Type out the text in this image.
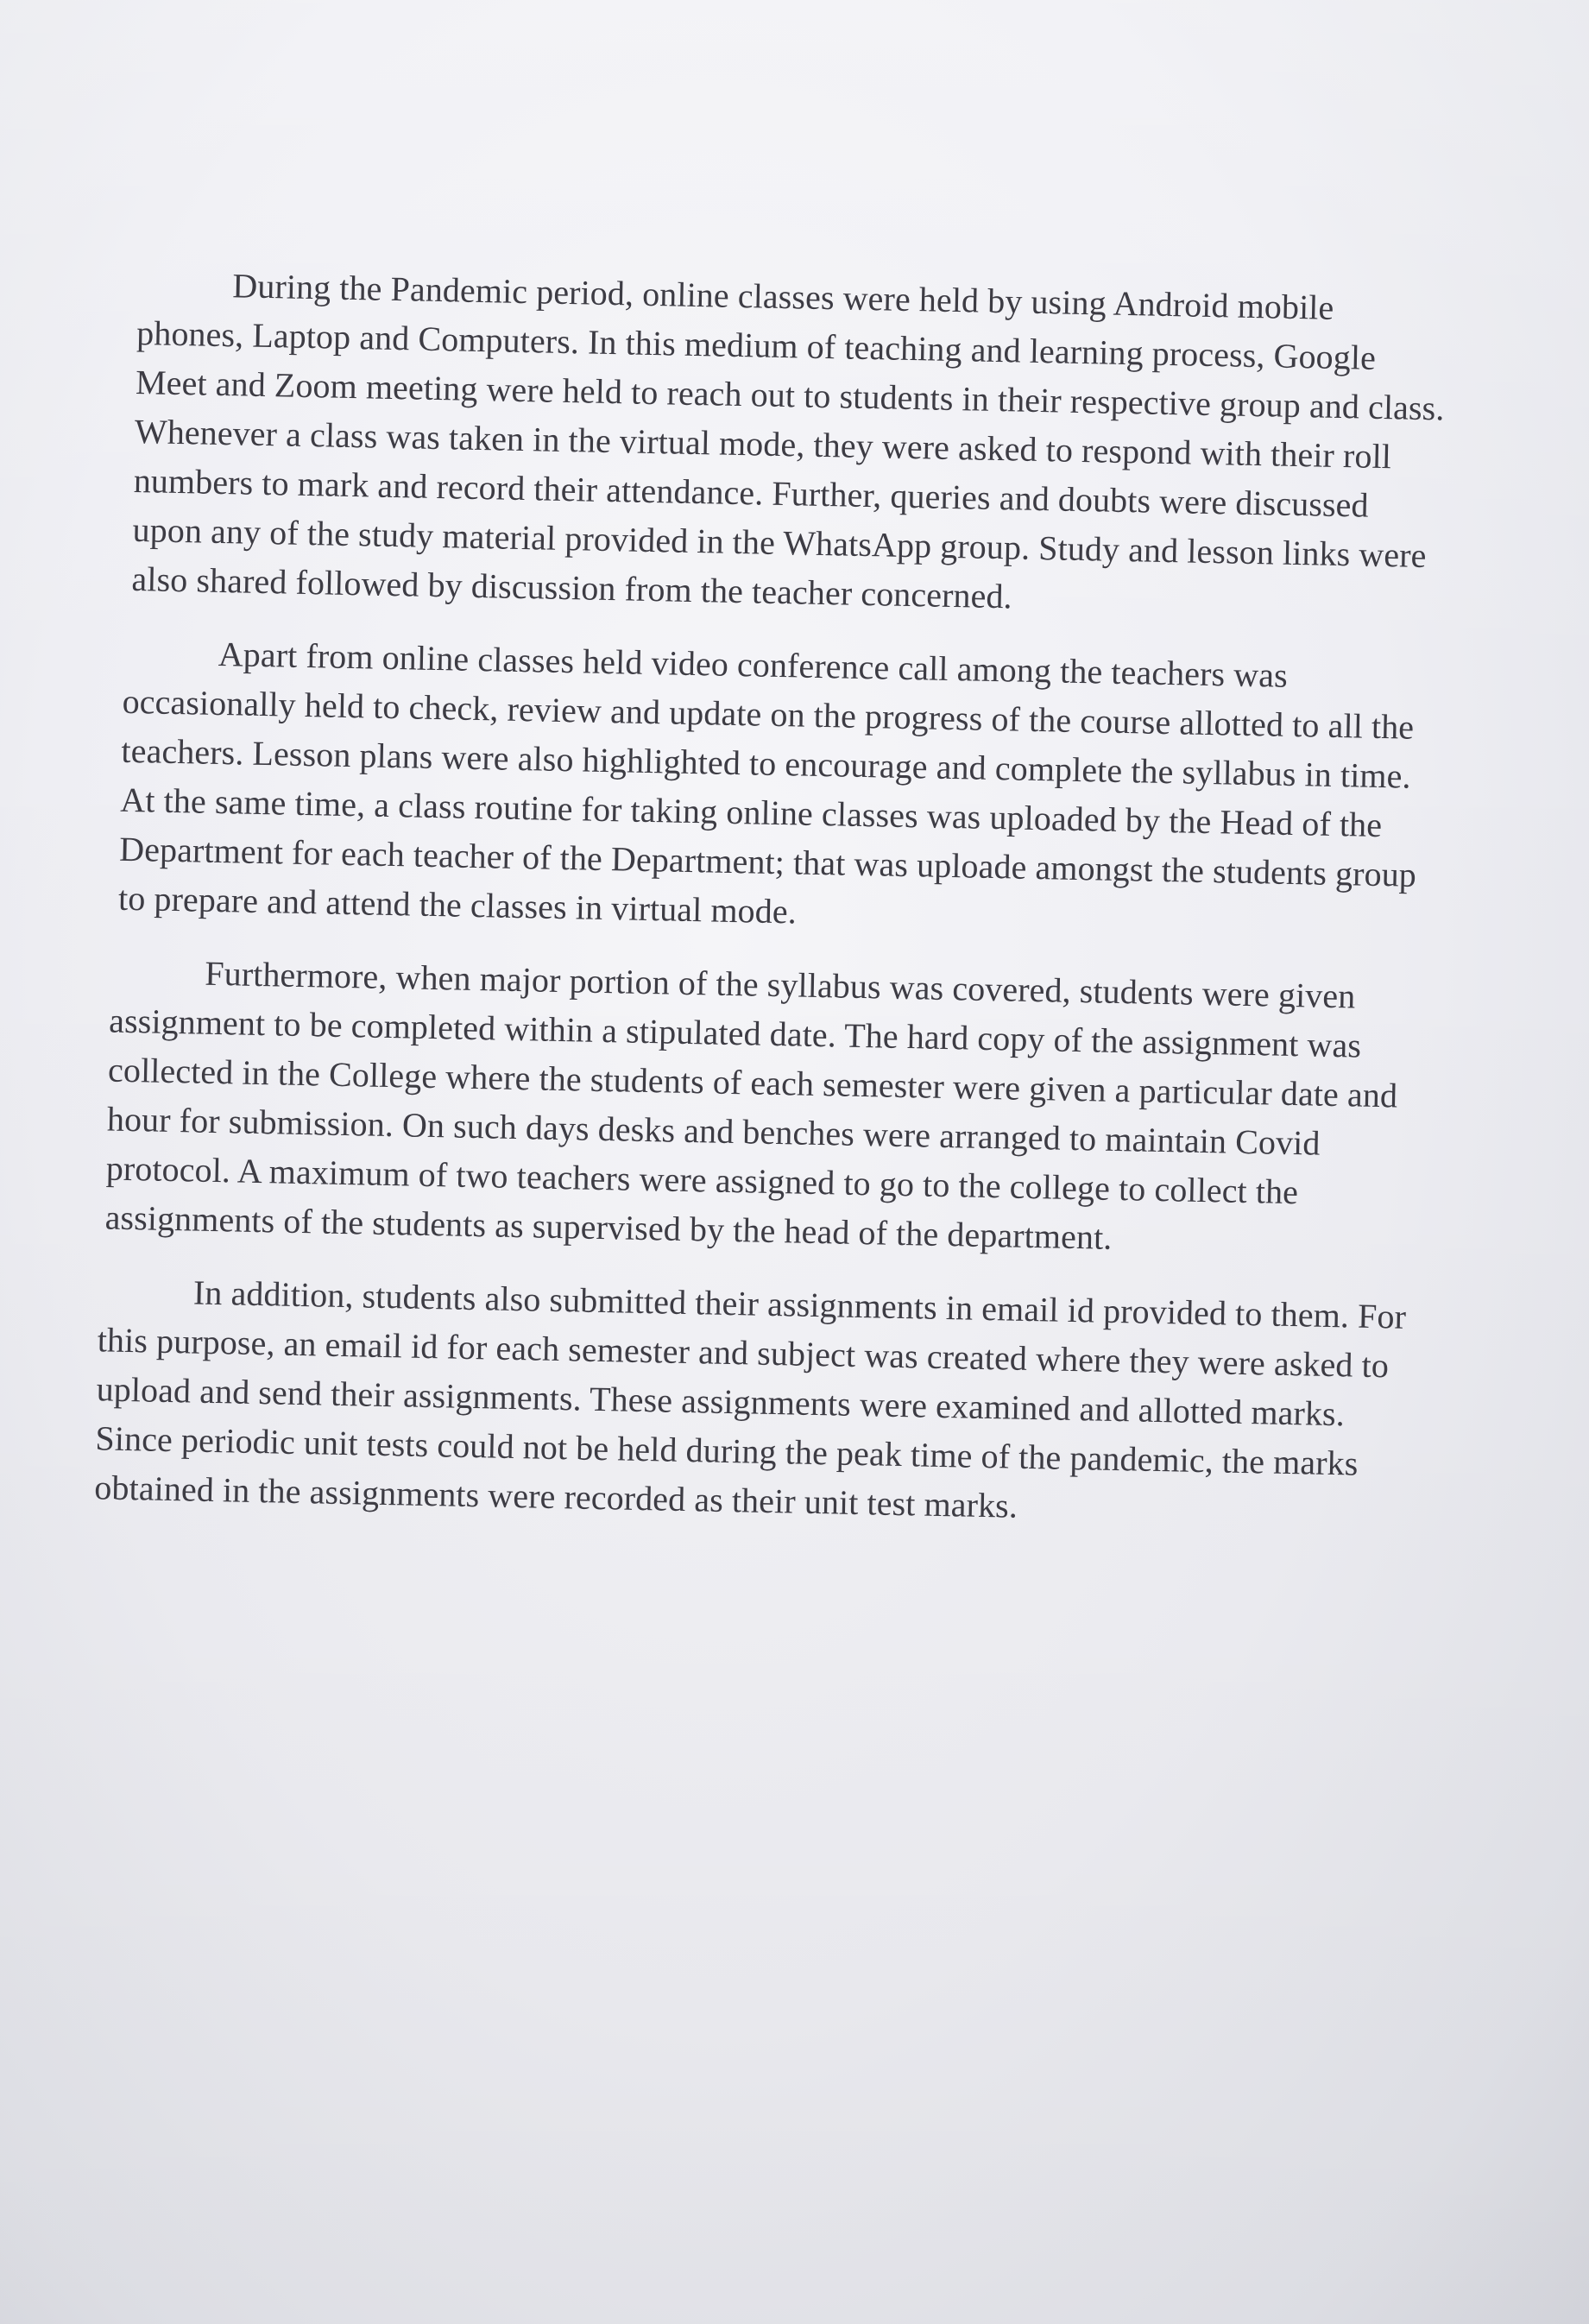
During the Pandemic period, online classes were held by using Android mobile phones, Laptop and Computers. In this medium of teaching and learning process, Google Meet and Zoom meeting were held to reach out to students in their respective group and class. Whenever a class was taken in the virtual mode, they were asked to respond with their roll numbers to mark and record their attendance. Further, queries and doubts were discussed upon any of the study material provided in the WhatsApp group. Study and lesson links were also shared followed by discussion from the teacher concerned.

Apart from online classes held video conference call among the teachers was occasionally held to check, review and update on the progress of the course allotted to all the teachers. Lesson plans were also highlighted to encourage and complete the syllabus in time. At the same time, a class routine for taking online classes was uploaded by the Head of the Department for each teacher of the Department; that was uploade amongst the students group to prepare and attend the classes in virtual mode.

Furthermore, when major portion of the syllabus was covered, students were given assignment to be completed within a stipulated date. The hard copy of the assignment was collected in the College where the students of each semester were given a particular date and hour for submission. On such days desks and benches were arranged to maintain Covid protocol. A maximum of two teachers were assigned to go to the college to collect the assignments of the students as supervised by the head of the department.

In addition, students also submitted their assignments in email id provided to them. For this purpose, an email id for each semester and subject was created where they were asked to upload and send their assignments. These assignments were examined and allotted marks. Since periodic unit tests could not be held during the peak time of the pandemic, the marks obtained in the assignments were recorded as their unit test marks.
